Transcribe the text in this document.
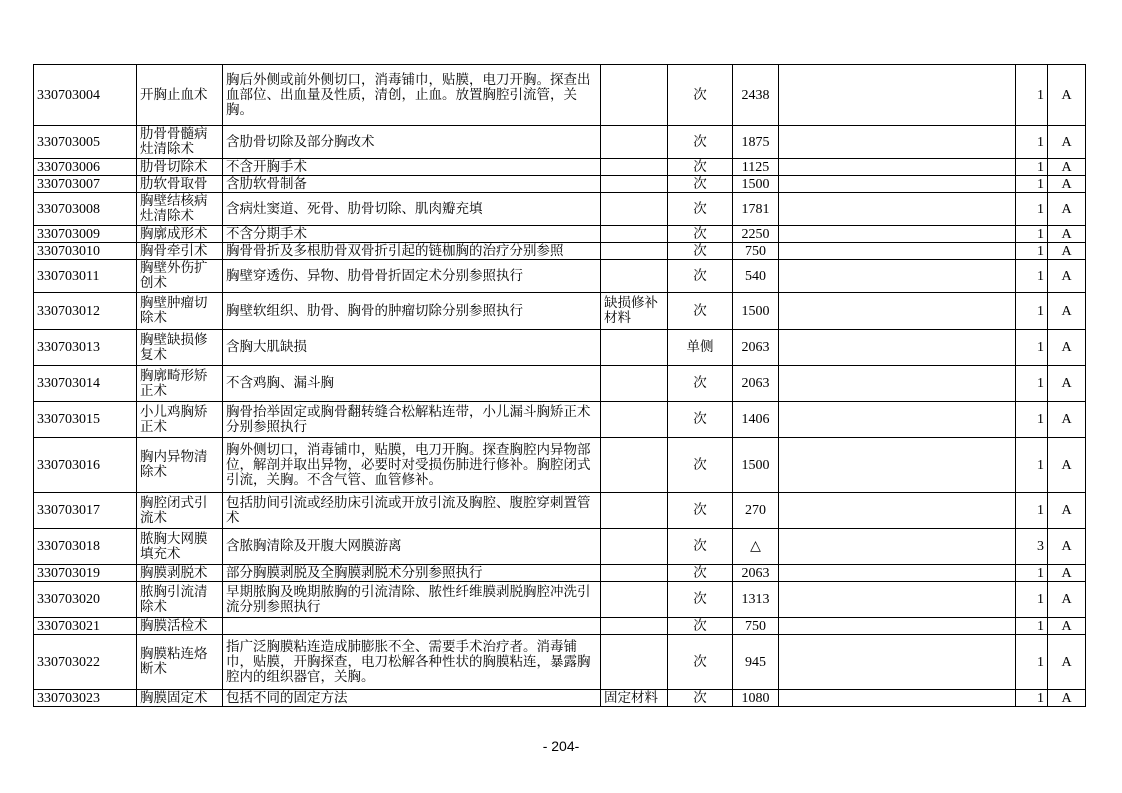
330703004	开胸止血术	胸后外侧或前外侧切口，消毒铺巾，贴膜，电刀开胸。探查出血部位、出血量及性质，清创，止血。放置胸腔引流管，关胸。		次	2438		1	A
330703005	肋骨骨髓病灶清除术	含肋骨切除及部分胸改术		次	1875		1	A
330703006	肋骨切除术	不含开胸手术		次	1125		1	A
330703007	肋软骨取骨	含肋软骨制备		次	1500		1	A
330703008	胸壁结核病灶清除术	含病灶窦道、死骨、肋骨切除、肌肉瓣充填		次	1781		1	A
330703009	胸廓成形术	不含分期手术		次	2250		1	A
330703010	胸骨牵引术	胸骨骨折及多根肋骨双骨折引起的链枷胸的治疗分别参照		次	750		1	A
330703011	胸壁外伤扩创术	胸壁穿透伤、异物、肋骨骨折固定术分别参照执行		次	540		1	A
330703012	胸壁肿瘤切除术	胸壁软组织、肋骨、胸骨的肿瘤切除分别参照执行	缺损修补材料	次	1500		1	A
330703013	胸壁缺损修复术	含胸大肌缺损		单侧	2063		1	A
330703014	胸廓畸形矫正术	不含鸡胸、漏斗胸		次	2063		1	A
330703015	小儿鸡胸矫正术	胸骨抬举固定或胸骨翻转缝合松解粘连带，小儿漏斗胸矫正术分别参照执行		次	1406		1	A
330703016	胸内异物清除术	胸外侧切口，消毒铺巾，贴膜，电刀开胸。探查胸腔内异物部位，解剖并取出异物，必要时对受损伤肺进行修补。胸腔闭式引流，关胸。不含气管、血管修补。		次	1500		1	A
330703017	胸腔闭式引流术	包括肋间引流或经肋床引流或开放引流及胸腔、腹腔穿刺置管术		次	270		1	A
330703018	脓胸大网膜填充术	含脓胸清除及开腹大网膜游离		次	△		3	A
330703019	胸膜剥脱术	部分胸膜剥脱及全胸膜剥脱术分别参照执行		次	2063		1	A
330703020	脓胸引流清除术	早期脓胸及晚期脓胸的引流清除、脓性纤维膜剥脱胸腔冲洗引流分别参照执行		次	1313		1	A
330703021	胸膜活检术			次	750		1	A
330703022	胸膜粘连烙断术	指广泛胸膜粘连造成肺膨胀不全、需要手术治疗者。消毒铺巾，贴膜，开胸探查，电刀松解各种性状的胸膜粘连，暴露胸腔内的组织器官，关胸。		次	945		1	A
330703023	胸膜固定术	包括不同的固定方法	固定材料	次	1080		1	A
- 204-
